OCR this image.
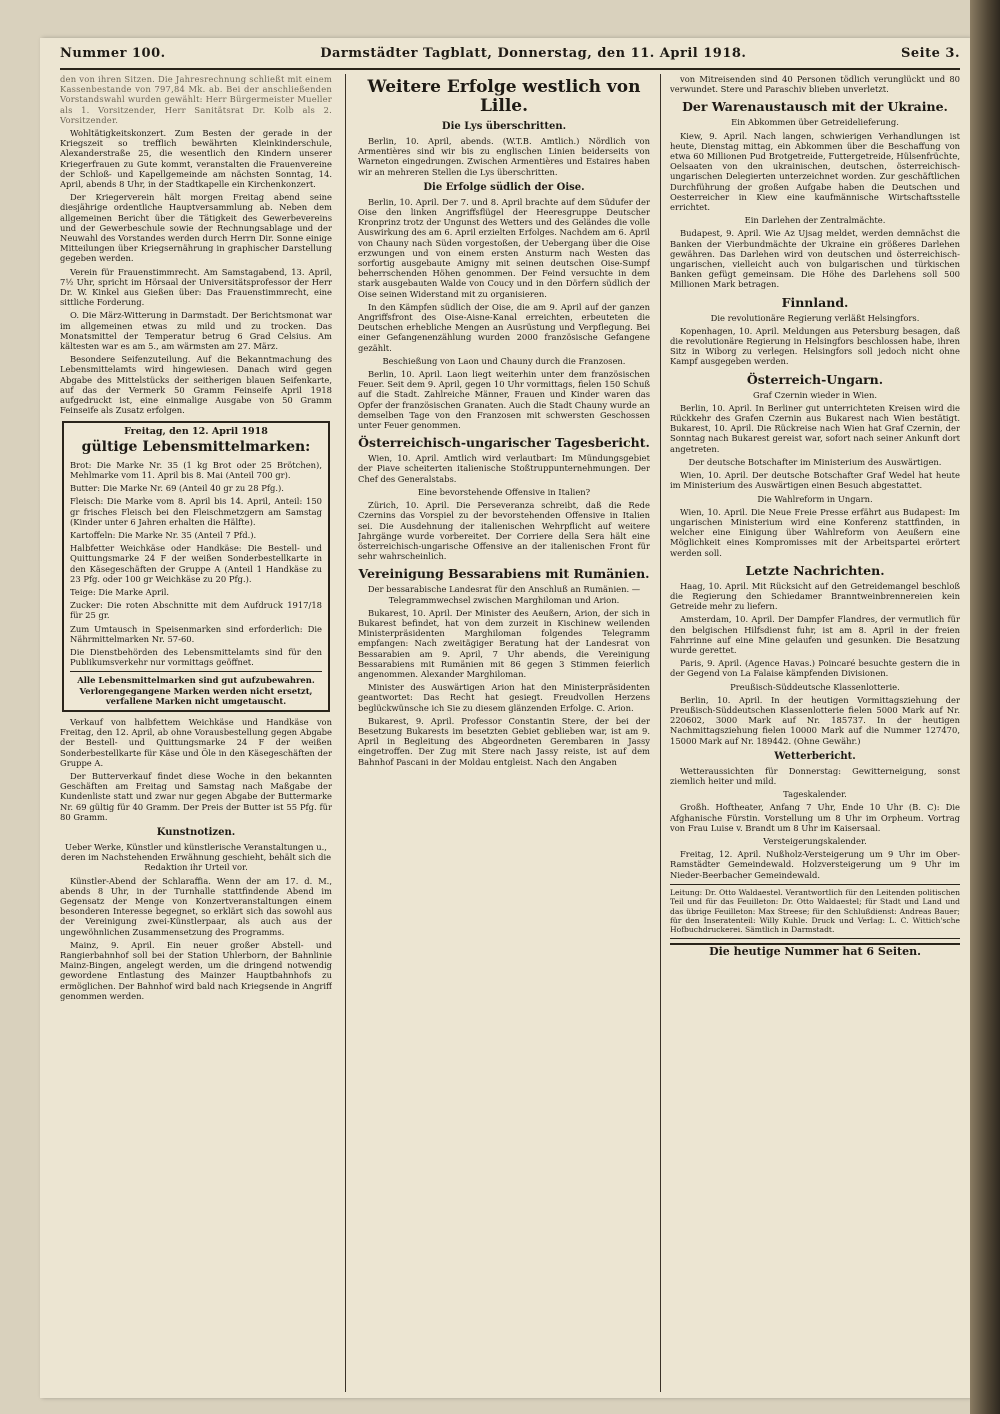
Nummer 100.	Darmstädter Tagblatt, Donnerstag, den 11. April 1918.	Seite 3.

den von ihren Sitzen. Die Jahresrechnung schließt mit einem Kassenbestande von 797,84 Mk. ab. Bei der anschließenden Vorstandswahl wurden gewählt: Herr Bürgermeister Mueller als 1. Vorsitzender, Herr Sanitätsrat Dr. Kolb als 2. Vorsitzender.

Wohltätigkeitskonzert. Zum Besten der gerade in der Kriegszeit so trefflich bewährten Kleinkinderschule, Alexanderstraße 25, die wesentlich den Kindern unserer Kriegerfrauen zu Gute kommt, veranstalten die Frauenvereine der Schloß- und Kapellgemeinde am nächsten Sonntag, 14. April, abends 8 Uhr, in der Stadtkapelle ein Kirchenkonzert.

Der Kriegerverein hält morgen Freitag abend seine diesjährige ordentliche Hauptversammlung ab. Neben dem allgemeinen Bericht über die Tätigkeit des Gewerbevereins und der Gewerbeschule sowie der Rechnungsablage und der Neuwahl des Vorstandes werden durch Herrn Dir. Sonne einige Mitteilungen über Kriegsernährung in graphischer Darstellung gegeben werden.

Verein für Frauenstimmrecht. Am Samstagabend, 13. April, 7½ Uhr, spricht im Hörsaal der Universitätsprofessor der Herr Dr. W. Kinkel aus Gießen über: Das Frauenstimmrecht, eine sittliche Forderung.

O. Die März-Witterung in Darmstadt. Der Berichtsmonat war im allgemeinen etwas zu mild und zu trocken. Das Monatsmittel der Temperatur betrug 6 Grad Celsius. Am kältesten war es am 5., am wärmsten am 27. März.

Besondere Seifenzuteilung. Auf die Bekanntmachung des Lebensmittelamts wird hingewiesen. Danach wird gegen Abgabe des Mittelstücks der seitherigen blauen Seifenkarte, auf das der Vermerk 50 Gramm Feinseife April 1918 aufgedruckt ist, eine einmalige Ausgabe von 50 Gramm Feinseife als Zusatz erfolgen.

Freitag, den 12. April 1918
gültige Lebensmittelmarken:

Brot: Die Marke Nr. 35 (1 kg Brot oder 25 Brötchen), Mehlmarke vom 11. April bis 8. Mai (Anteil 700 gr).

Butter: Die Marke Nr. 69 (Anteil 40 gr zu 28 Pfg.).

Fleisch: Die Marke vom 8. April bis 14. April, Anteil: 150 gr frisches Fleisch bei den Fleischmetzgern am Samstag (Kinder unter 6 Jahren erhalten die Hälfte).

Kartoffeln: Die Marke Nr. 35 (Anteil 7 Pfd.).

Halbfetter Weichkäse oder Handkäse: Die Bestell- und Quittungsmarke 24 F der weißen Sonderbestellkarte in den Käsegeschäften der Gruppe A (Anteil 1 Handkäse zu 23 Pfg. oder 100 gr Weichkäse zu 20 Pfg.).

Teige: Die Marke April.

Zucker: Die roten Abschnitte mit dem Aufdruck 1917/18 für 25 gr.

Zum Umtausch in Speisenmarken sind erforderlich: Die Nährmittelmarken Nr. 57-60.

Die Dienstbehörden des Lebensmittelamts sind für den Publikumsverkehr nur vormittags geöffnet.

Alle Lebensmittelmarken sind gut aufzubewahren. Verlorengegangene Marken werden nicht ersetzt, verfallene Marken nicht umgetauscht.

Verkauf von halbfettem Weichkäse und Handkäse von Freitag, den 12. April, ab ohne Vorausbestellung gegen Abgabe der Bestell- und Quittungsmarke 24 F der weißen Sonderbestellkarte für Käse und Öle in den Käsegeschäften der Gruppe A.

Der Butterverkauf findet diese Woche in den bekannten Geschäften am Freitag und Samstag nach Maßgabe der Kundenliste statt und zwar nur gegen Abgabe der Buttermarke Nr. 69 gültig für 40 Gramm. Der Preis der Butter ist 55 Pfg. für 80 Gramm.

Kunstnotizen.
Ueber Werke, Künstler und künstlerische Veranstaltungen u., deren im Nachstehenden Erwähnung geschieht, behält sich die Redaktion ihr Urteil vor.

Künstler-Abend der Schlaraffia. Wenn der am 17. d. M., abends 8 Uhr, in der Turnhalle stattfindende Abend im Gegensatz der Menge von Konzertveranstaltungen einem besonderen Interesse begegnet, so erklärt sich das sowohl aus der Vereinigung zwei-Künstlerpaar, als auch aus der ungewöhnlichen Zusammensetzung des Programms.

Mainz, 9. April. Ein neuer großer Abstell- und Rangierbahnhof soll bei der Station Uhlerborn, der Bahnlinie Mainz-Bingen, angelegt werden, um die dringend notwendig gewordene Entlastung des Mainzer Hauptbahnhofs zu ermöglichen. Der Bahnhof wird bald nach Kriegsende in Angriff genommen werden.

Weitere Erfolge westlich von Lille.
Die Lys überschritten.

Berlin, 10. April, abends. (W.T.B. Amtlich.) Nördlich von Armentières sind wir bis zu englischen Linien beiderseits von Warneton eingedrungen. Zwischen Armentières und Estaires haben wir an mehreren Stellen die Lys überschritten.

Die Erfolge südlich der Oise.

Berlin, 10. April. Der 7. und 8. April brachte auf dem Südufer der Oise den linken Angriffsflügel der Heeresgruppe Deutscher Kronprinz trotz der Ungunst des Wetters und des Geländes die volle Auswirkung des am 6. April erzielten Erfolges. Nachdem am 6. April von Chauny nach Süden vorgestoßen, der Uebergang über die Oise erzwungen und von einem ersten Ansturm nach Westen das sorfortig ausgebaute Amigny mit seinen deutschen Oise-Sumpf beherrschenden Höhen genommen. Der Feind versuchte in dem stark ausgebauten Walde von Coucy und in den Dörfern südlich der Oise seinen Widerstand mit zu organisieren.

In den Kämpfen südlich der Oise, die am 9. April auf der ganzen Angriffsfront des Oise-Aisne-Kanal erreichten, erbeuteten die Deutschen erhebliche Mengen an Ausrüstung und Verpflegung. Bei einer Gefangenenzählung wurden 2000 französische Gefangene gezählt.

Beschießung von Laon und Chauny durch die Franzosen.

Berlin, 10. April. Laon liegt weiterhin unter dem französischen Feuer. Seit dem 9. April, gegen 10 Uhr vormittags, fielen 150 Schuß auf die Stadt. Zahlreiche Männer, Frauen und Kinder waren das Opfer der französischen Granaten. Auch die Stadt Chauny wurde an demselben Tage von den Franzosen mit schwersten Geschossen unter Feuer genommen.

Österreichisch-ungarischer Tagesbericht.

Wien, 10. April. Amtlich wird verlautbart: Im Mündungsgebiet der Piave scheiterten italienische Stoßtruppunternehmungen. Der Chef des Generalstabs.

Eine bevorstehende Offensive in Italien?

Zürich, 10. April. Die Perseveranza schreibt, daß die Rede Czernins das Vorspiel zu der bevorstehenden Offensive in Italien sei. Die Ausdehnung der italienischen Wehrpflicht auf weitere Jahrgänge wurde vorbereitet. Der Corriere della Sera hält eine österreichisch-ungarische Offensive an der italienischen Front für sehr wahrscheinlich.

Vereinigung Bessarabiens mit Rumänien.
Der bessarabische Landesrat für den Anschluß an Rumänien. — Telegrammwechsel zwischen Marghiloman und Arion.

Bukarest, 10. April. Der Minister des Aeußern, Arion, der sich in Bukarest befindet, hat von dem zurzeit in Kischinew weilenden Ministerpräsidenten Marghiloman folgendes Telegramm empfangen: Nach zweitägiger Beratung hat der Landesrat von Bessarabien am 9. April, 7 Uhr abends, die Vereinigung Bessarabiens mit Rumänien mit 86 gegen 3 Stimmen feierlich angenommen. Alexander Marghiloman.

Minister des Auswärtigen Arion hat den Ministerpräsidenten geantwortet: Das Recht hat gesiegt. Freudvollen Herzens beglückwünsche ich Sie zu diesem glänzenden Erfolge. C. Arion.

Bukarest, 9. April. Professor Constantin Stere, der bei der Besetzung Bukarests im besetzten Gebiet geblieben war, ist am 9. April in Begleitung des Abgeordneten Gerembaren in Jassy eingetroffen. Der Zug mit Stere nach Jassy reiste, ist auf dem Bahnhof Pascani in der Moldau entgleist. Nach den Angaben

von Mitreisenden sind 40 Personen tödlich verunglückt und 80 verwundet. Stere und Paraschiv blieben unverletzt.

Der Warenaustausch mit der Ukraine.
Ein Abkommen über Getreidelieferung.

Kiew, 9. April. Nach langen, schwierigen Verhandlungen ist heute, Dienstag mittag, ein Abkommen über die Beschaffung von etwa 60 Millionen Pud Brotgetreide, Futtergetreide, Hülsenfrüchte, Oelsaaten von den ukrainischen, deutschen, österreichisch-ungarischen Delegierten unterzeichnet worden. Zur geschäftlichen Durchführung der großen Aufgabe haben die Deutschen und Oesterreicher in Kiew eine kaufmännische Wirtschaftsstelle errichtet.

Ein Darlehen der Zentralmächte.

Budapest, 9. April. Wie Az Ujsag meldet, werden demnächst die Banken der Vierbundmächte der Ukraine ein größeres Darlehen gewähren. Das Darlehen wird von deutschen und österreichisch-ungarischen, vielleicht auch von bulgarischen und türkischen Banken gefügt gemeinsam. Die Höhe des Darlehens soll 500 Millionen Mark betragen.

Finnland.
Die revolutionäre Regierung verläßt Helsingfors.

Kopenhagen, 10. April. Meldungen aus Petersburg besagen, daß die revolutionäre Regierung in Helsingfors beschlossen habe, ihren Sitz in Wiborg zu verlegen. Helsingfors soll jedoch nicht ohne Kampf ausgegeben werden.

Österreich-Ungarn.
Graf Czernin wieder in Wien.

Berlin, 10. April. In Berliner gut unterrichteten Kreisen wird die Rückkehr des Grafen Czernin aus Bukarest nach Wien bestätigt. Bukarest, 10. April. Die Rückreise nach Wien hat Graf Czernin, der Sonntag nach Bukarest gereist war, sofort nach seiner Ankunft dort angetreten.

Der deutsche Botschafter im Ministerium des Auswärtigen.

Wien, 10. April. Der deutsche Botschafter Graf Wedel hat heute im Ministerium des Auswärtigen einen Besuch abgestattet.

Die Wahlreform in Ungarn.

Wien, 10. April. Die Neue Freie Presse erfährt aus Budapest: Im ungarischen Ministerium wird eine Konferenz stattfinden, in welcher eine Einigung über Wahlreform von Aeußern eine Möglichkeit eines Kompromisses mit der Arbeitspartei erörtert werden soll.

Letzte Nachrichten.

Haag, 10. April. Mit Rücksicht auf den Getreidemangel beschloß die Regierung den Schiedamer Branntweinbrennereien kein Getreide mehr zu liefern.

Amsterdam, 10. April. Der Dampfer Flandres, der vermutlich für den belgischen Hilfsdienst fuhr, ist am 8. April in der freien Fahrrinne auf eine Mine gelaufen und gesunken. Die Besatzung wurde gerettet.

Paris, 9. April. (Agence Havas.) Poincaré besuchte gestern die in der Gegend von La Falaise kämpfenden Divisionen.

Preußisch-Süddeutsche Klassenlotterie.

Berlin, 10. April. In der heutigen Vormittagsziehung der Preußisch-Süddeutschen Klassenlotterie fielen 5000 Mark auf Nr. 220602, 3000 Mark auf Nr. 185737. In der heutigen Nachmittagsziehung fielen 10000 Mark auf die Nummer 127470, 15000 Mark auf Nr. 189442. (Ohne Gewähr.)

Wetterbericht.

Wetteraussichten für Donnerstag: Gewitterneigung, sonst ziemlich heiter und mild.

Tageskalender.

Großh. Hoftheater, Anfang 7 Uhr, Ende 10 Uhr (B. C): Die Afghanische Fürstin. Vorstellung um 8 Uhr im Orpheum. Vortrag von Frau Luise v. Brandt um 8 Uhr im Kaisersaal.

Versteigerungskalender.

Freitag, 12. April. Nußholz-Versteigerung um 9 Uhr im Ober-Ramstädter Gemeindewald. Holzversteigerung um 9 Uhr im Nieder-Beerbacher Gemeindewald.

Leitung: Dr. Otto Waldaestel. Verantwortlich für den Leitenden politischen Teil und für das Feuilleton: Dr. Otto Waldaestel; für Stadt und Land und das übrige Feuilleton: Max Streese; für den Schlußdienst: Andreas Bauer; für den Inseratenteil: Willy Kuhle. Druck und Verlag: L. C. Wittich'sche Hofbuchdruckerei. Sämtlich in Darmstadt.
Die heutige Nummer hat 6 Seiten.
